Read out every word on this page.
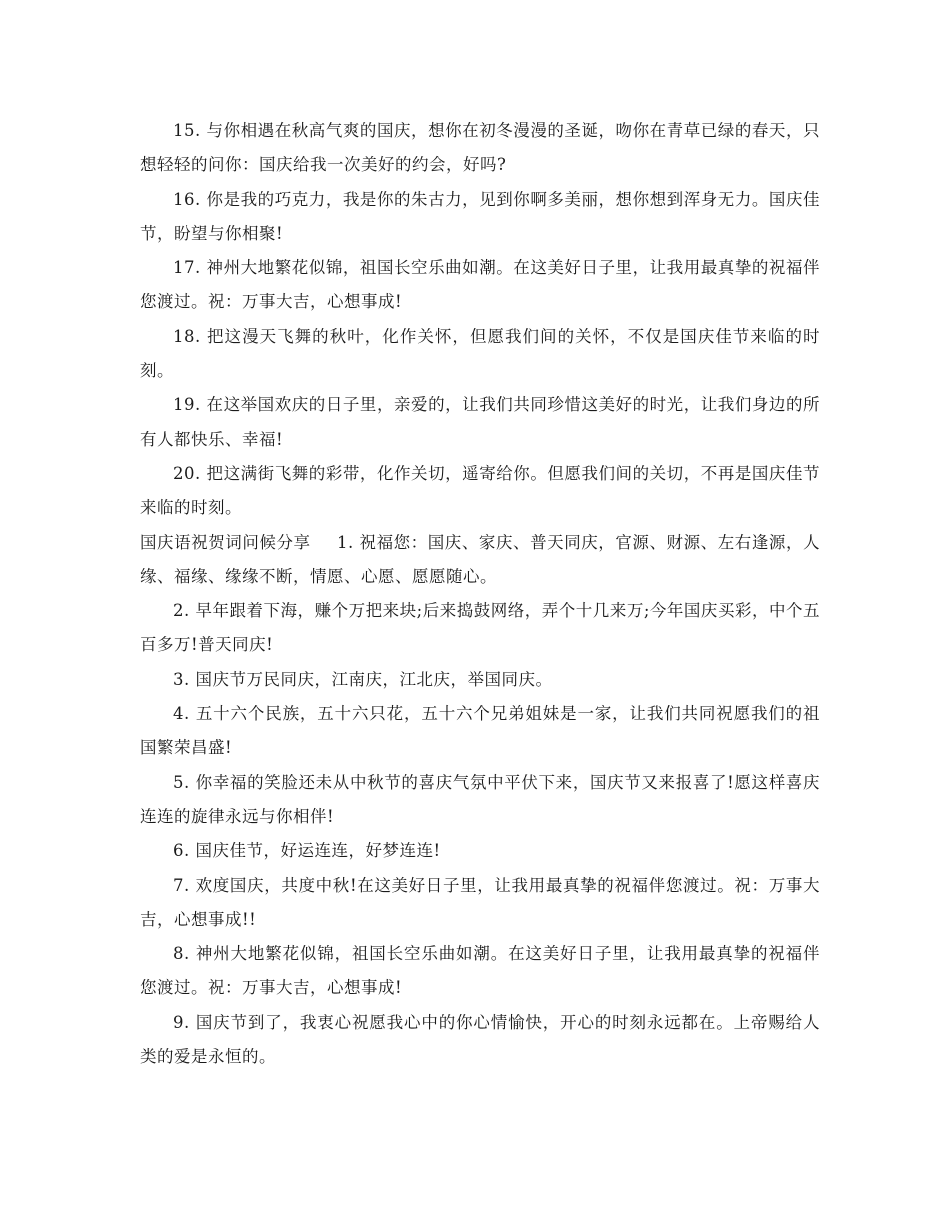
15. 与你相遇在秋高气爽的国庆，想你在初冬漫漫的圣诞，吻你在青草已绿的春天，只想轻轻的问你：国庆给我一次美好的约会，好吗?

16. 你是我的巧克力，我是你的朱古力，见到你啊多美丽，想你想到浑身无力。国庆佳节，盼望与你相聚!

17. 神州大地繁花似锦，祖国长空乐曲如潮。在这美好日子里，让我用最真挚的祝福伴您渡过。祝：万事大吉，心想事成!

18. 把这漫天飞舞的秋叶，化作关怀，但愿我们间的关怀，不仅是国庆佳节来临的时刻。

19. 在这举国欢庆的日子里，亲爱的，让我们共同珍惜这美好的时光，让我们身边的所有人都快乐、幸福!

20. 把这满街飞舞的彩带，化作关切，遥寄给你。但愿我们间的关切，不再是国庆佳节来临的时刻。

国庆语祝贺词问候分享 1. 祝福您：国庆、家庆、普天同庆，官源、财源、左右逢源，人缘、福缘、缘缘不断，情愿、心愿、愿愿随心。

2. 早年跟着下海，赚个万把来块;后来捣鼓网络，弄个十几来万;今年国庆买彩，中个五百多万!普天同庆!

3. 国庆节万民同庆，江南庆，江北庆，举国同庆。

4. 五十六个民族，五十六只花，五十六个兄弟姐妹是一家，让我们共同祝愿我们的祖国繁荣昌盛!

5. 你幸福的笑脸还未从中秋节的喜庆气氛中平伏下来，国庆节又来报喜了!愿这样喜庆连连的旋律永远与你相伴!

6. 国庆佳节，好运连连，好梦连连!

7. 欢度国庆，共度中秋!在这美好日子里，让我用最真挚的祝福伴您渡过。祝：万事大吉，心想事成!!

8. 神州大地繁花似锦，祖国长空乐曲如潮。在这美好日子里，让我用最真挚的祝福伴您渡过。祝：万事大吉，心想事成!

9. 国庆节到了，我衷心祝愿我心中的你心情愉快，开心的时刻永远都在。上帝赐给人类的爱是永恒的。
